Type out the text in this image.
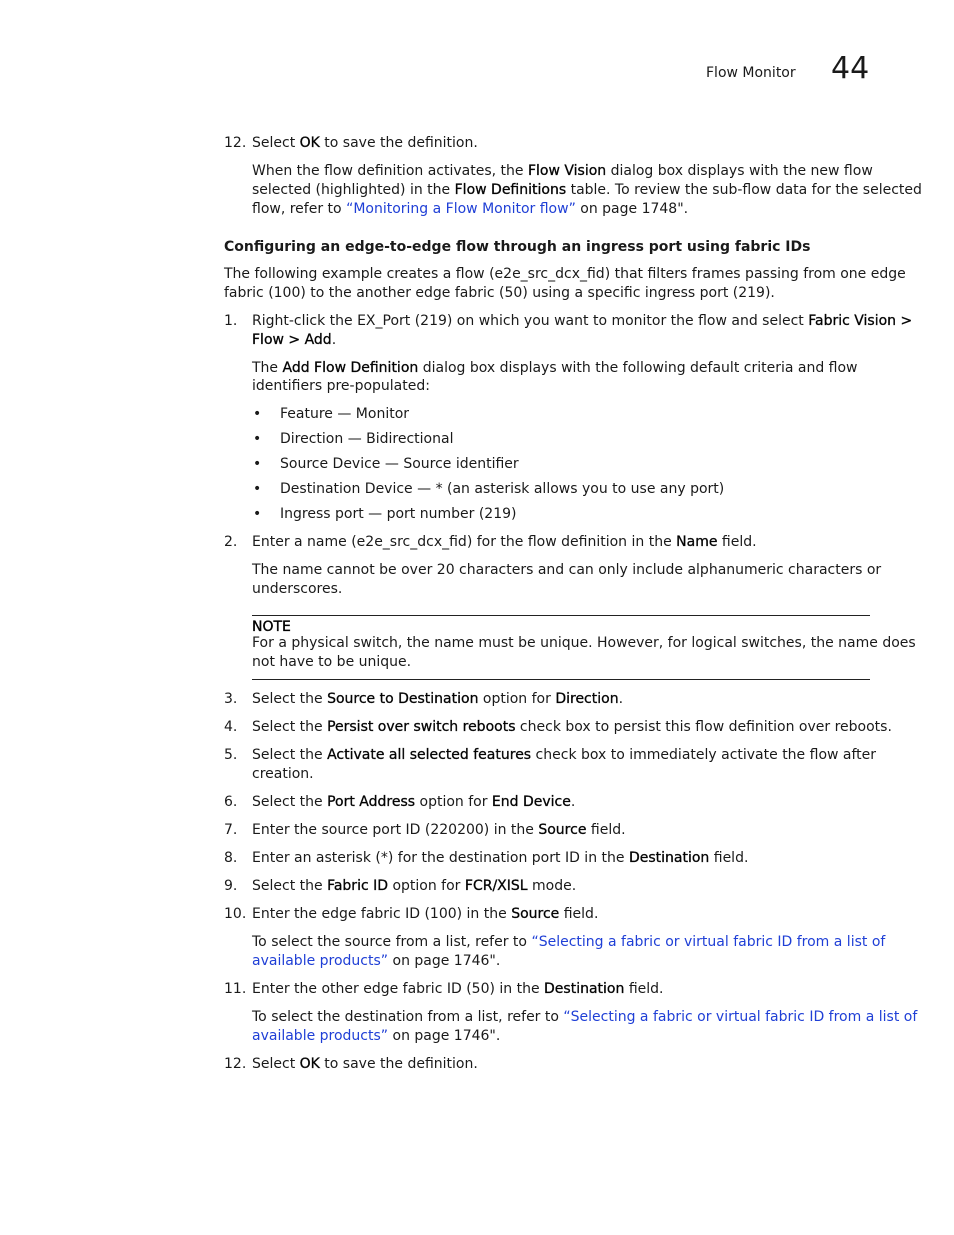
Flow Monitor 44
12. Select OK to save the definition.
When the flow definition activates, the Flow Vision dialog box displays with the new flow
selected (highlighted) in the Flow Definitions table. To review the sub-flow data for the selected
flow, refer to “Monitoring a Flow Monitor flow” on page 1748".
Configuring an edge-to-edge flow through an ingress port using fabric IDs
The following example creates a flow (e2e_src_dcx_fid) that filters frames passing from one edge
fabric (100) to the another edge fabric (50) using a specific ingress port (219).
1. Right-click the EX_Port (219) on which you want to monitor the flow and select Fabric Vision >
Flow > Add.
The Add Flow Definition dialog box displays with the following default criteria and flow
identifiers pre-populated:
• Feature — Monitor
• Direction — Bidirectional
• Source Device — Source identifier
• Destination Device — * (an asterisk allows you to use any port)
• Ingress port — port number (219)
2. Enter a name (e2e_src_dcx_fid) for the flow definition in the Name field.
The name cannot be over 20 characters and can only include alphanumeric characters or
underscores.
NOTE
For a physical switch, the name must be unique. However, for logical switches, the name does
not have to be unique.
3. Select the Source to Destination option for Direction.
4. Select the Persist over switch reboots check box to persist this flow definition over reboots.
5. Select the Activate all selected features check box to immediately activate the flow after
creation.
6. Select the Port Address option for End Device.
7. Enter the source port ID (220200) in the Source field.
8. Enter an asterisk (*) for the destination port ID in the Destination field.
9. Select the Fabric ID option for FCR/XISL mode.
10. Enter the edge fabric ID (100) in the Source field.
To select the source from a list, refer to “Selecting a fabric or virtual fabric ID from a list of
available products” on page 1746".
11. Enter the other edge fabric ID (50) in the Destination field.
To select the destination from a list, refer to “Selecting a fabric or virtual fabric ID from a list of
available products” on page 1746".
12. Select OK to save the definition.
